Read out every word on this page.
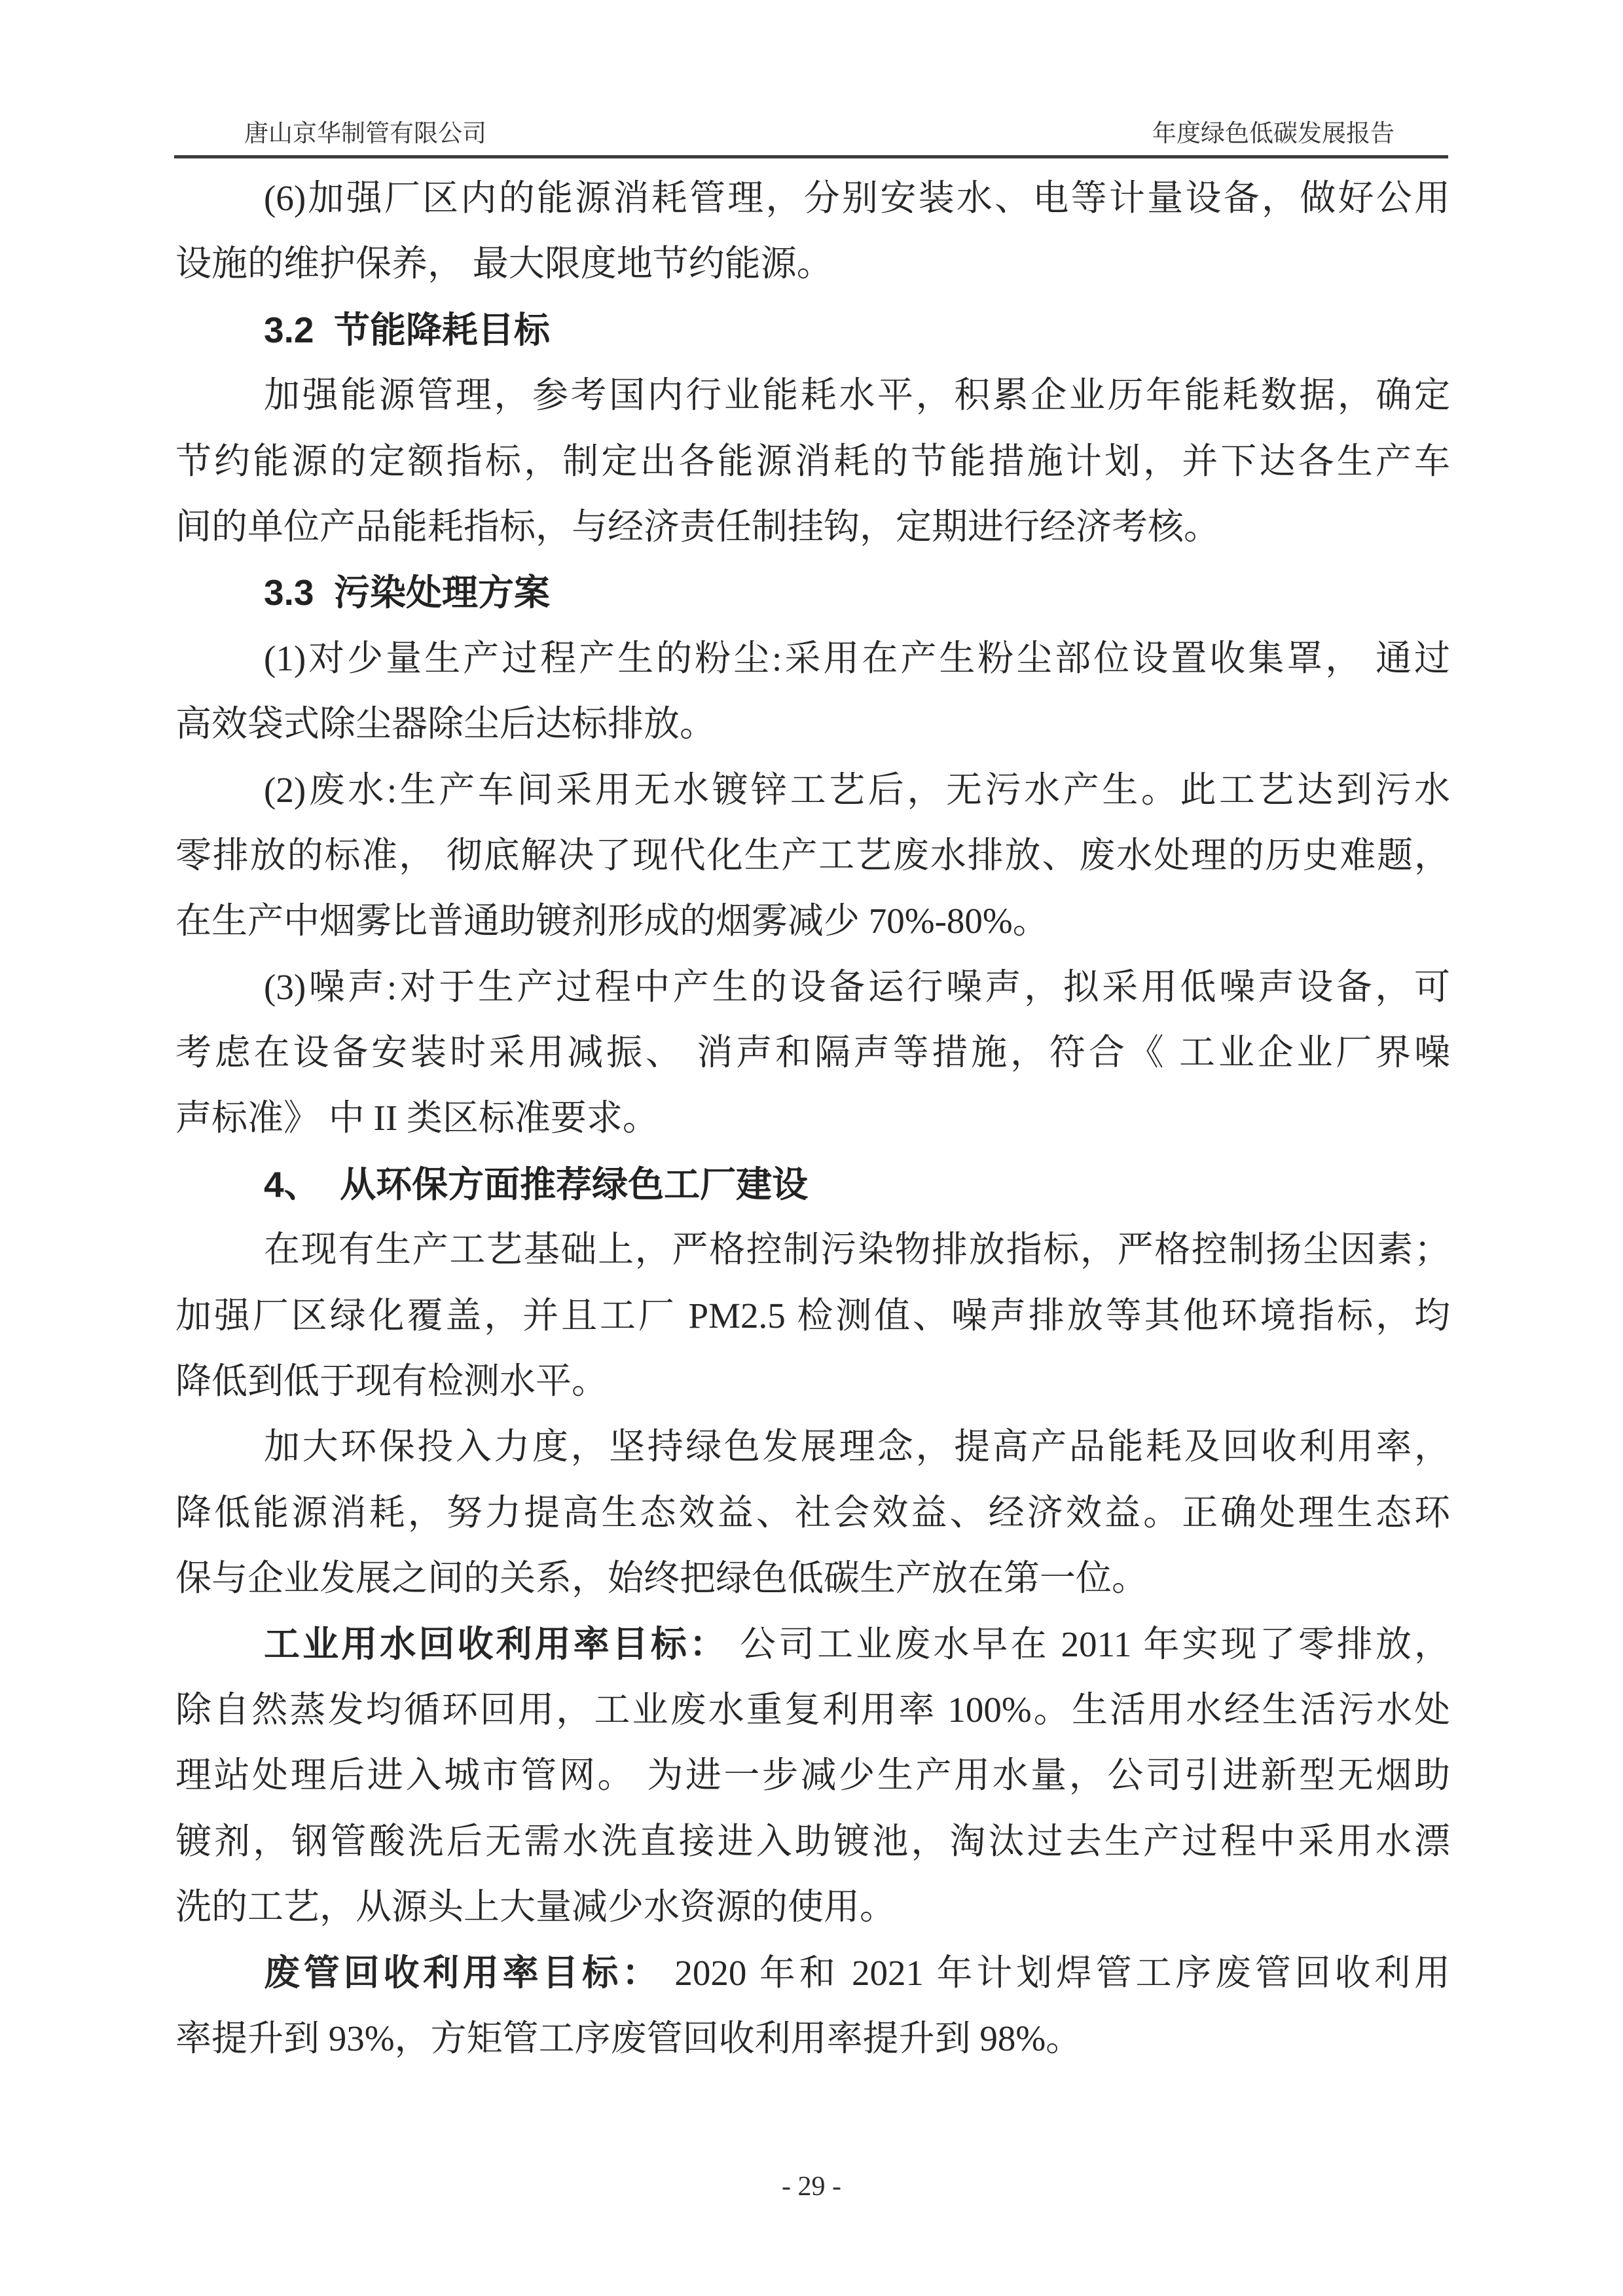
唐山京华制管有限公司	年度绿色低碳发展报告
(6)加强厂区内的能源消耗管理，分别安装水、电等计量设备，做好公用
设施的维护保养， 最大限度地节约能源。
3.2  节能降耗目标
加强能源管理，参考国内行业能耗水平，积累企业历年能耗数据，确定
节约能源的定额指标，制定出各能源消耗的节能措施计划，并下达各生产车
间的单位产品能耗指标，与经济责任制挂钩，定期进行经济考核。
3.3  污染处理方案
(1)对少量生产过程产生的粉尘:采用在产生粉尘部位设置收集罩， 通过
高效袋式除尘器除尘后达标排放。
(2)废水:生产车间采用无水镀锌工艺后，无污水产生。此工艺达到污水
零排放的标准， 彻底解决了现代化生产工艺废水排放、废水处理的历史难题，
在生产中烟雾比普通助镀剂形成的烟雾减少 70%-80%。
(3)噪声:对于生产过程中产生的设备运行噪声，拟采用低噪声设备，可
考虑在设备安装时采用减振、 消声和隔声等措施，符合《 工业企业厂界噪
声标准》 中 II 类区标准要求。
4、  从环保方面推荐绿色工厂建设
在现有生产工艺基础上，严格控制污染物排放指标，严格控制扬尘因素；
加强厂区绿化覆盖，并且工厂 PM2.5 检测值、噪声排放等其他环境指标，均
降低到低于现有检测水平。
加大环保投入力度，坚持绿色发展理念，提高产品能耗及回收利用率，
降低能源消耗，努力提高生态效益、社会效益、经济效益。正确处理生态环
保与企业发展之间的关系，始终把绿色低碳生产放在第一位。
工业用水回收利用率目标： 公司工业废水早在 2011 年实现了零排放，
除自然蒸发均循环回用，工业废水重复利用率 100%。生活用水经生活污水处
理站处理后进入城市管网。 为进一步减少生产用水量，公司引进新型无烟助
镀剂，钢管酸洗后无需水洗直接进入助镀池，淘汰过去生产过程中采用水漂
洗的工艺，从源头上大量减少水资源的使用。
废管回收利用率目标： 2020 年和 2021 年计划焊管工序废管回收利用
率提升到 93%，方矩管工序废管回收利用率提升到 98%。
- 29 -
